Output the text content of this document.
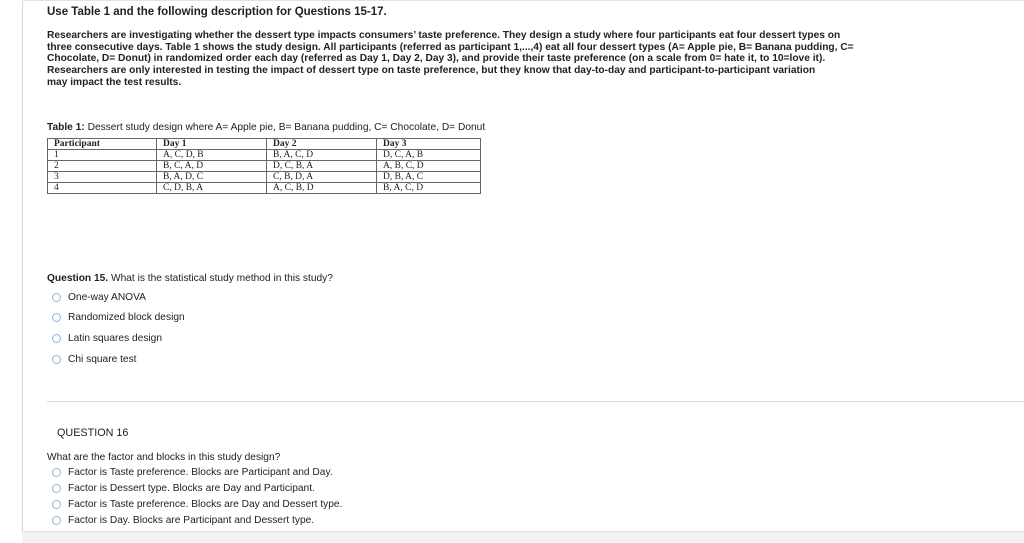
Use Table 1 and the following description for Questions 15-17.
Researchers are investigating whether the dessert type impacts consumers’ taste preference. They design a study where four participants eat four dessert types on
three consecutive days. Table 1 shows the study design. All participants (referred as participant 1,...,4) eat all four dessert types (A= Apple pie, B= Banana pudding, C=
Chocolate, D= Donut) in randomized order each day (referred as Day 1, Day 2, Day 3), and provide their taste preference (on a scale from 0= hate it, to 10=love it).
Researchers are only interested in testing the impact of dessert type on taste preference, but they know that day-to-day and participant-to-participant variation
may impact the test results.
Table 1: Dessert study design where A= Apple pie, B= Banana pudding, C= Chocolate, D= Donut
Participant	Day 1	Day 2	Day 3
1	A, C, D, B	B, A, C, D	D, C, A, B
2	B, C, A, D	D, C, B, A	A, B, C, D
3	B, A, D, C	C, B, D, A	D, B, A, C
4	C, D, B, A	A, C, B, D	B, A, C, D
Question 15. What is the statistical study method in this study?
One-way ANOVA
Randomized block design
Latin squares design
Chi square test
QUESTION 16
What are the factor and blocks in this study design?
Factor is Taste preference. Blocks are Participant and Day.
Factor is Dessert type. Blocks are Day and Participant.
Factor is Taste preference. Blocks are Day and Dessert type.
Factor is Day. Blocks are Participant and Dessert type.
